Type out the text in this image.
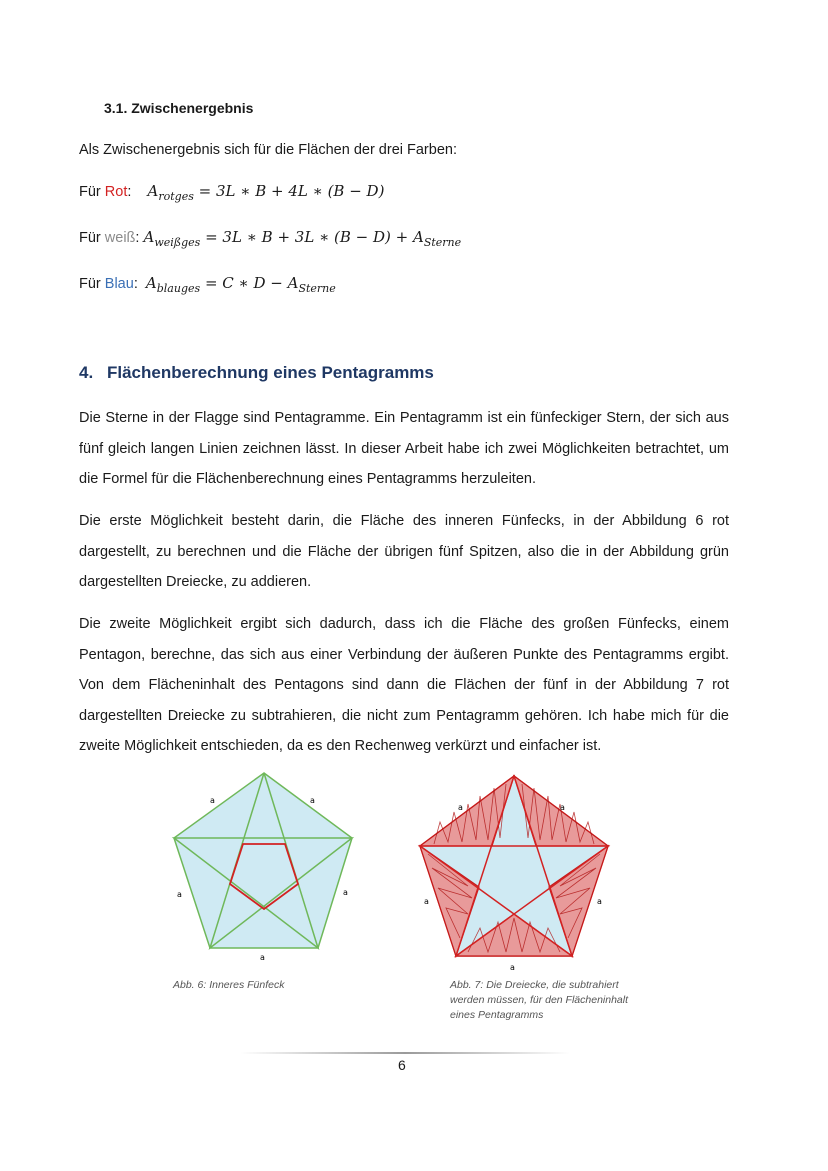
3.1. Zwischenergebnis
Als Zwischenergebnis sich für die Flächen der drei Farben:
Für Rot: $A_{rotges} = 3L$ ∗ B + 4L ∗ (B − D)
Für weiß: $A_{weißges} = 3L$ ∗ B + 3L ∗ $(B - D) + A_{Sterne}$
Für Blau: $A_{blauges} = C$ ∗ $D - A_{Sterne}$
4. Flächenberechnung eines Pentagramms

Die Sterne in der Flagge sind Pentagramme. Ein Pentagramm ist ein fünfeckiger Stern, der sich aus fünf gleich langen Linien zeichnen lässt. In dieser Arbeit habe ich zwei Möglichkeiten betrachtet, um die Formel für die Flächenberechnung eines Pentagramms herzuleiten.

Die erste Möglichkeit besteht darin, die Fläche des inneren Fünfecks, in der Abbildung 6 rot dargestellt, zu berechnen und die Fläche der übrigen fünf Spitzen, also die in der Abbildung grün dargestellten Dreiecke, zu addieren.

Die zweite Möglichkeit ergibt sich dadurch, dass ich die Fläche des großen Fünfecks, einem Pentagon, berechne, das sich aus einer Verbindung der äußeren Punkte des Pentagramms ergibt. Von dem Flächeninhalt des Pentagons sind dann die Flächen der fünf in der Abbildung 7 rot dargestellten Dreiecke zu subtrahieren, die nicht zum Pentagramm gehören. Ich habe mich für die zweite Möglichkeit entschieden, da es den Rechenweg verkürzt und einfacher ist.

a	a
a	a
a
Abb. 6: Inneres Fünfeck
a	a
a	a
a
Abb. 7: Die Dreiecke, die subtrahiert
werden müssen, für den Flächeninhalt
eines Pentagramms
6
